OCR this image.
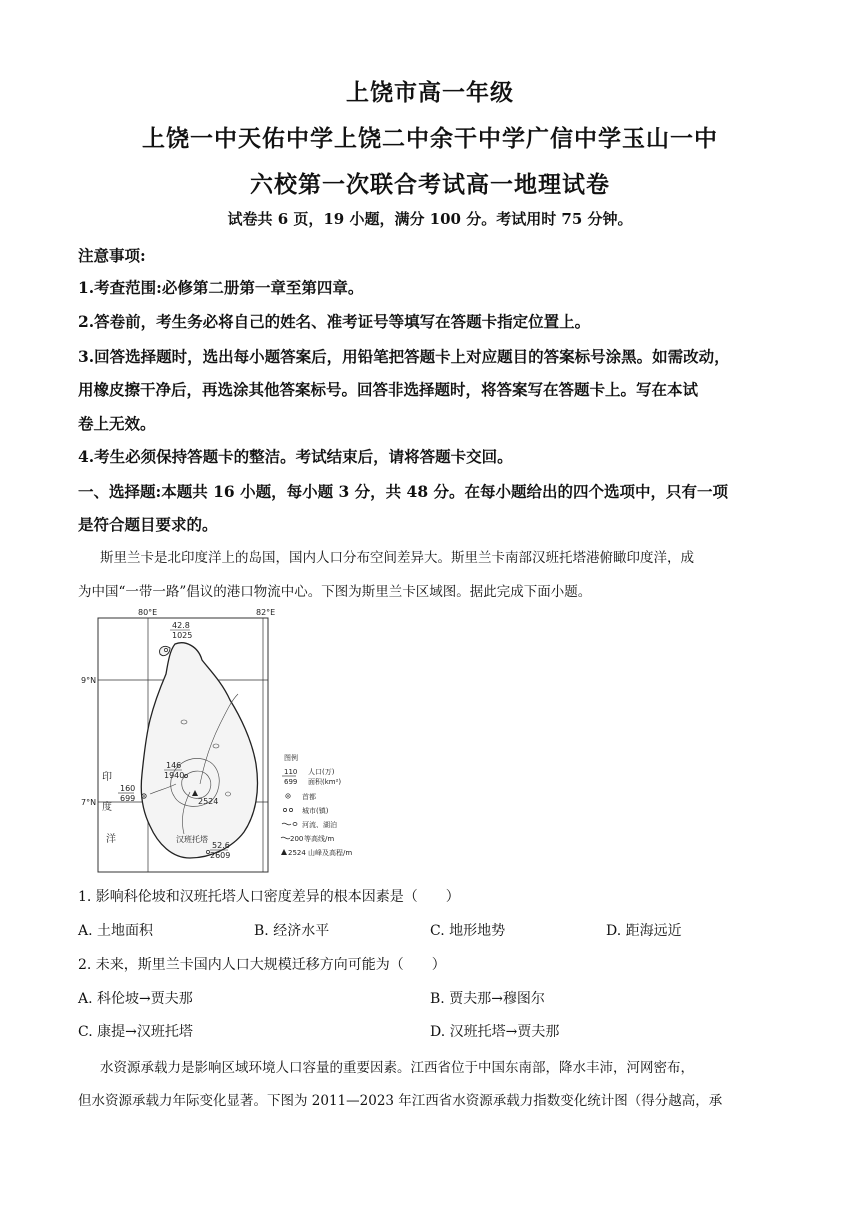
上饶市高一年级
上饶一中天佑中学上饶二中余干中学广信中学玉山一中
六校第一次联合考试高一地理试卷
试卷共 6 页，19 小题，满分 100 分。考试用时 75 分钟。
注意事项:
1.考查范围:必修第二册第一章至第四章。
2.答卷前，考生务必将自己的姓名、准考证号等填写在答题卡指定位置上。
3.回答选择题时，选出每小题答案后，用铅笔把答题卡上对应题目的答案标号涂黑。如需改动，
用橡皮擦干净后，再选涂其他答案标号。回答非选择题时，将答案写在答题卡上。写在本试
卷上无效。
4.考生必须保持答题卡的整洁。考试结束后，请将答题卡交回。
一、选择题:本题共 16 小题，每小题 3 分，共 48 分。在每小题给出的四个选项中，只有一项
是符合题目要求的。
斯里兰卡是北印度洋上的岛国，国内人口分布空间差异大。斯里兰卡南部汉班托塔港俯瞰印度洋，成
为中国“一带一路”倡议的港口物流中心。下图为斯里兰卡区域图。据此完成下面小题。
80°E	82°E
9°N
7°N
42.8
1025
160
699
146
1940
2524
汉班托塔
52.6
2609
印
度
洋
图例
110
699
人口(万)
面积(km²)
首都
城市(镇)
河流、湖泊
200 等高线/m
2524 山峰及高程/m
1. 影响科伦坡和汉班托塔人口密度差异的根本因素是（　　）
A. 土地面积	B. 经济水平	C. 地形地势	D. 距海远近
2. 未来，斯里兰卡国内人口大规模迁移方向可能为（　　）
A. 科伦坡→贾夫那	B. 贾夫那→穆图尔
C. 康提→汉班托塔	D. 汉班托塔→贾夫那
水资源承载力是影响区域环境人口容量的重要因素。江西省位于中国东南部，降水丰沛，河网密布，
但水资源承载力年际变化显著。下图为 2011—2023 年江西省水资源承载力指数变化统计图（得分越高，承
